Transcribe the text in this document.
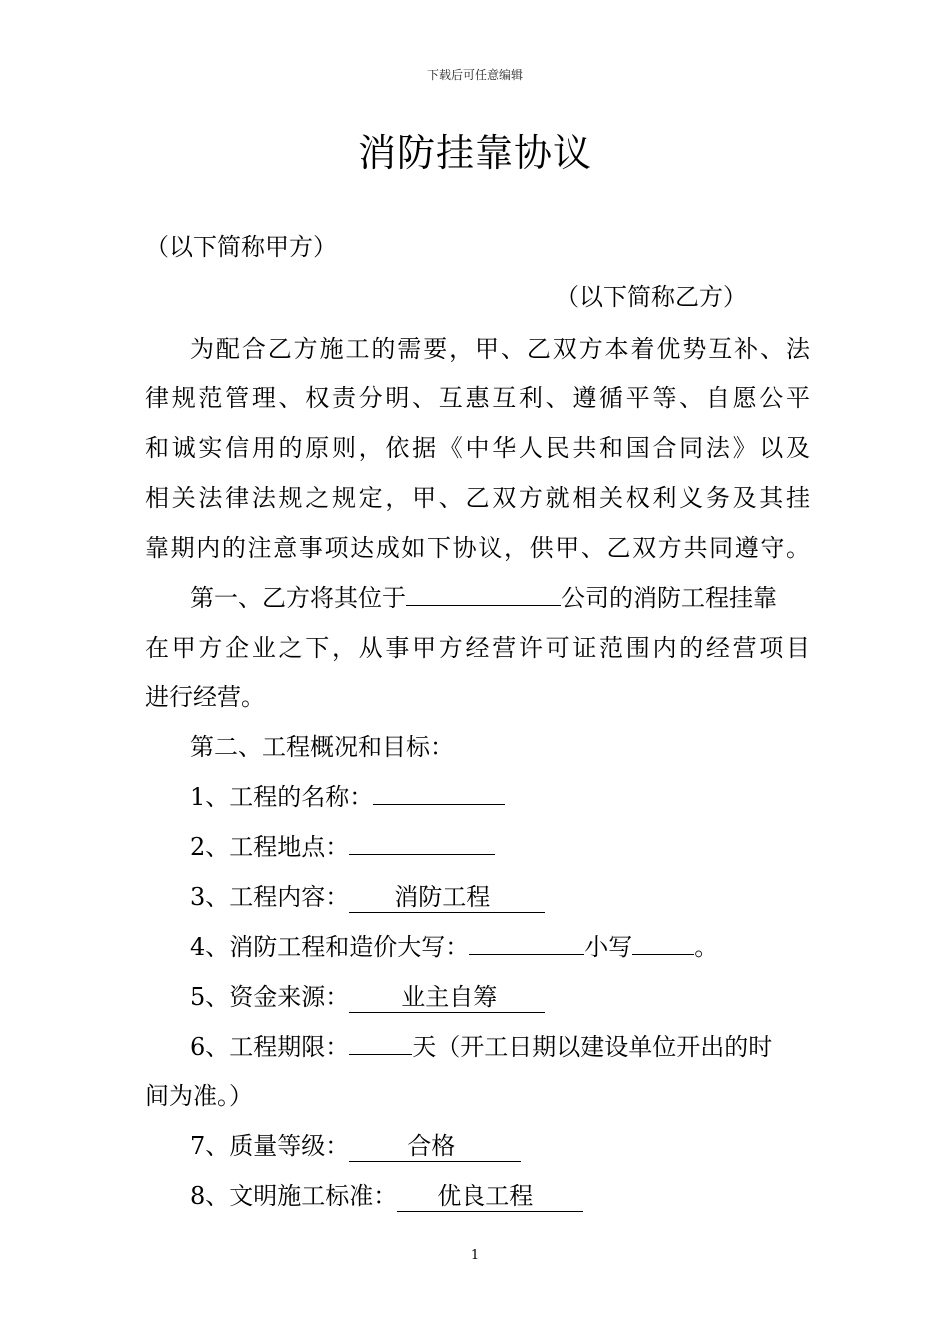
下载后可任意编辑
消防挂靠协议
（以下简称甲方）
（以下简称乙方）
为配合乙方施工的需要，甲、乙双方本着优势互补、法
律规范管理、权责分明、互惠互利、遵循平等、自愿公平
和诚实信用的原则，依据《中华人民共和国合同法》以及
相关法律法规之规定，甲、乙双方就相关权利义务及其挂
靠期内的注意事项达成如下协议，供甲、乙双方共同遵守。
第一、乙方将其位于	公司的消防工程挂靠
在甲方企业之下，从事甲方经营许可证范围内的经营项目
进行经营。
第二、工程概况和目标：
1、工程的名称：
2、工程地点：
3、工程内容： 消防工程
4、消防工程和造价大写：	小写	。
5、资金来源： 业主自筹
6、工程期限：	天（开工日期以建设单位开出的时
间为准。）
7、质量等级： 合格
8、文明施工标准： 优良工程
1
